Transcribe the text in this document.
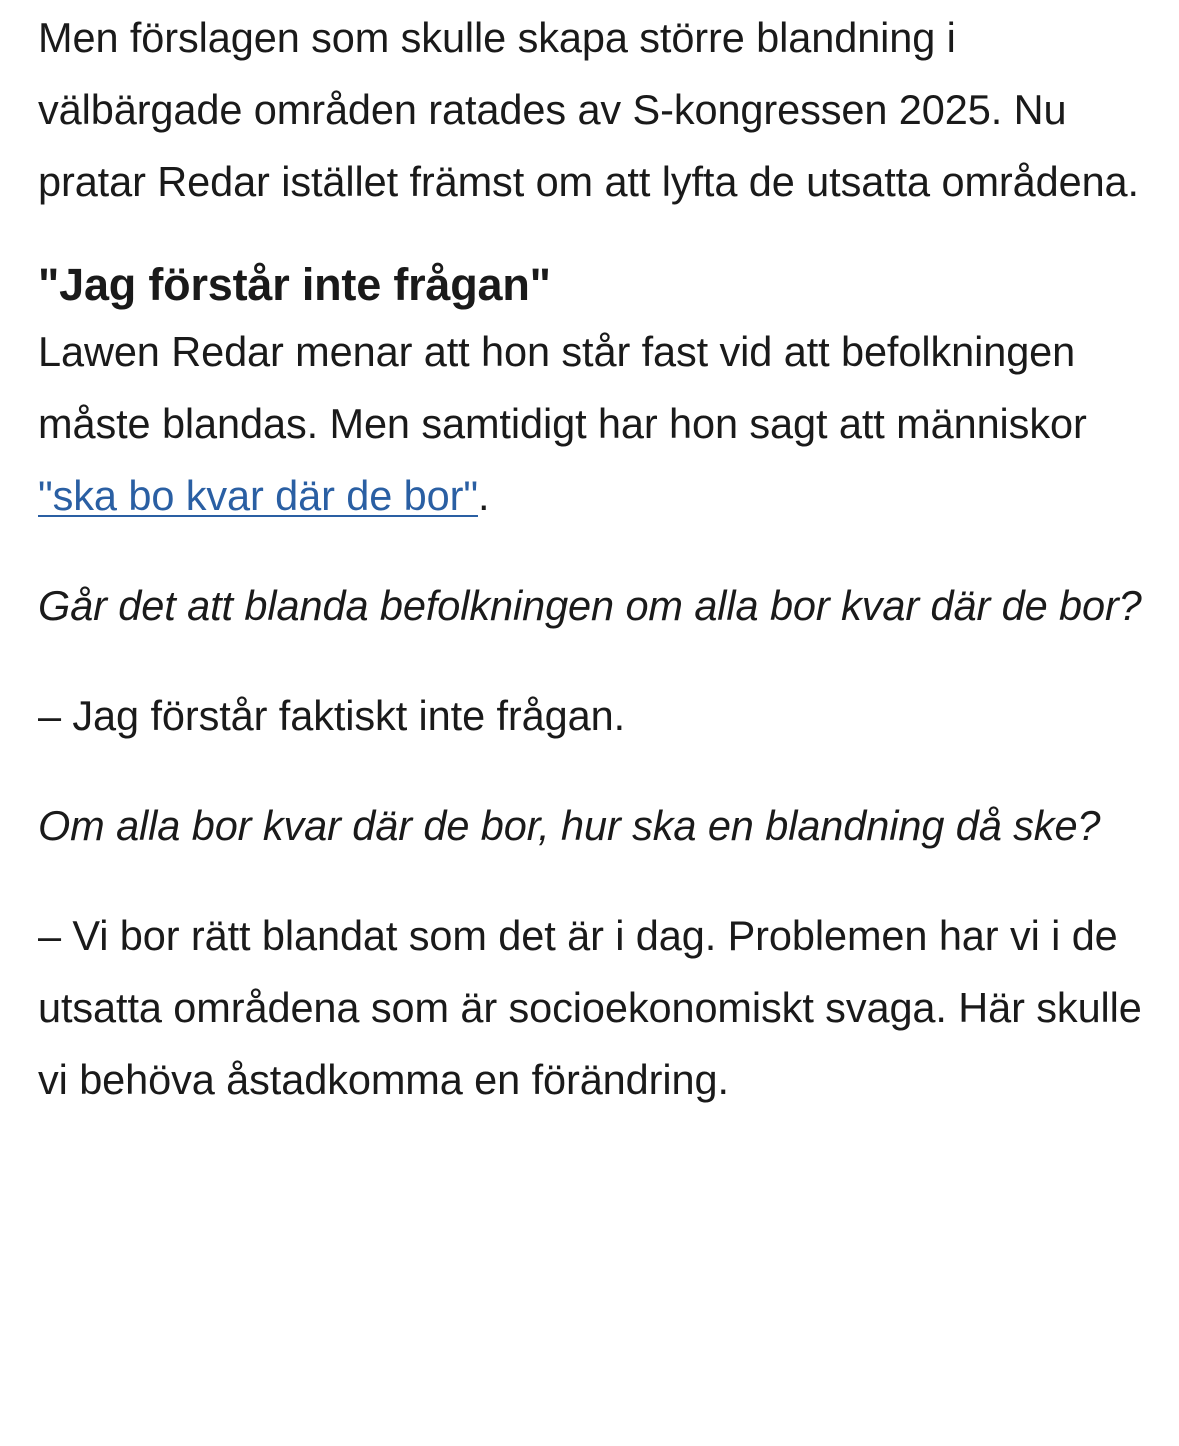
Men förslagen som skulle skapa större blandning i välbärgade områden ratades av S-kongressen 2025. Nu pratar Redar istället främst om att lyfta de utsatta områdena.

"Jag förstår inte frågan"

Lawen Redar menar att hon står fast vid att befolkningen måste blandas. Men samtidigt har hon sagt att människor "ska bo kvar där de bor".

Går det att blanda befolkningen om alla bor kvar där de bor?

– Jag förstår faktiskt inte frågan.

Om alla bor kvar där de bor, hur ska en blandning då ske?

– Vi bor rätt blandat som det är i dag. Problemen har vi i de utsatta områdena som är socioekonomiskt svaga. Här skulle vi behöva åstadkomma en förändring.
